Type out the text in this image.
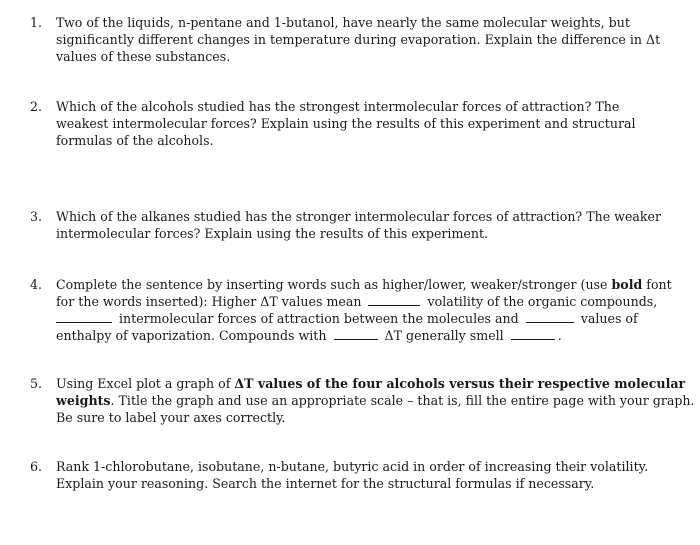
1. Two of the liquids, n-pentane and 1-butanol, have nearly the same molecular weights, but
significantly different changes in temperature during evaporation. Explain the difference in Δt
values of these substances.
2. Which of the alcohols studied has the strongest intermolecular forces of attraction? The
weakest intermolecular forces? Explain using the results of this experiment and structural
formulas of the alcohols.
3. Which of the alkanes studied has the stronger intermolecular forces of attraction? The weaker
intermolecular forces? Explain using the results of this experiment.
4. Complete the sentence by inserting words such as higher/lower, weaker/stronger (use bold font
for the words inserted): Higher ΔT values mean	volatility of the organic compounds,
intermolecular forces of attraction between the molecules and	values of
enthalpy of vaporization. Compounds with	ΔT generally smell	.
5. Using Excel plot a graph of ΔT values of the four alcohols versus their respective molecular
weights. Title the graph and use an appropriate scale – that is, fill the entire page with your graph.
Be sure to label your axes correctly.
6. Rank 1-chlorobutane, isobutane, n-butane, butyric acid in order of increasing their volatility.
Explain your reasoning. Search the internet for the structural formulas if necessary.
